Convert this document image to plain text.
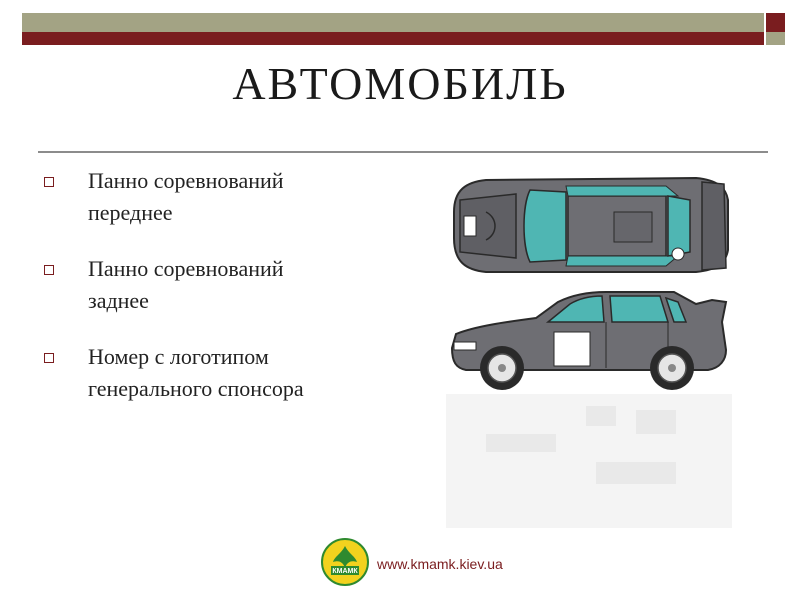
АВТОМОБИЛЬ
Панно соревнований
переднее
Панно соревнований
заднее
Номер с логотипом
генерального спонсора
КМАМК www.kmamk.kiev.ua
